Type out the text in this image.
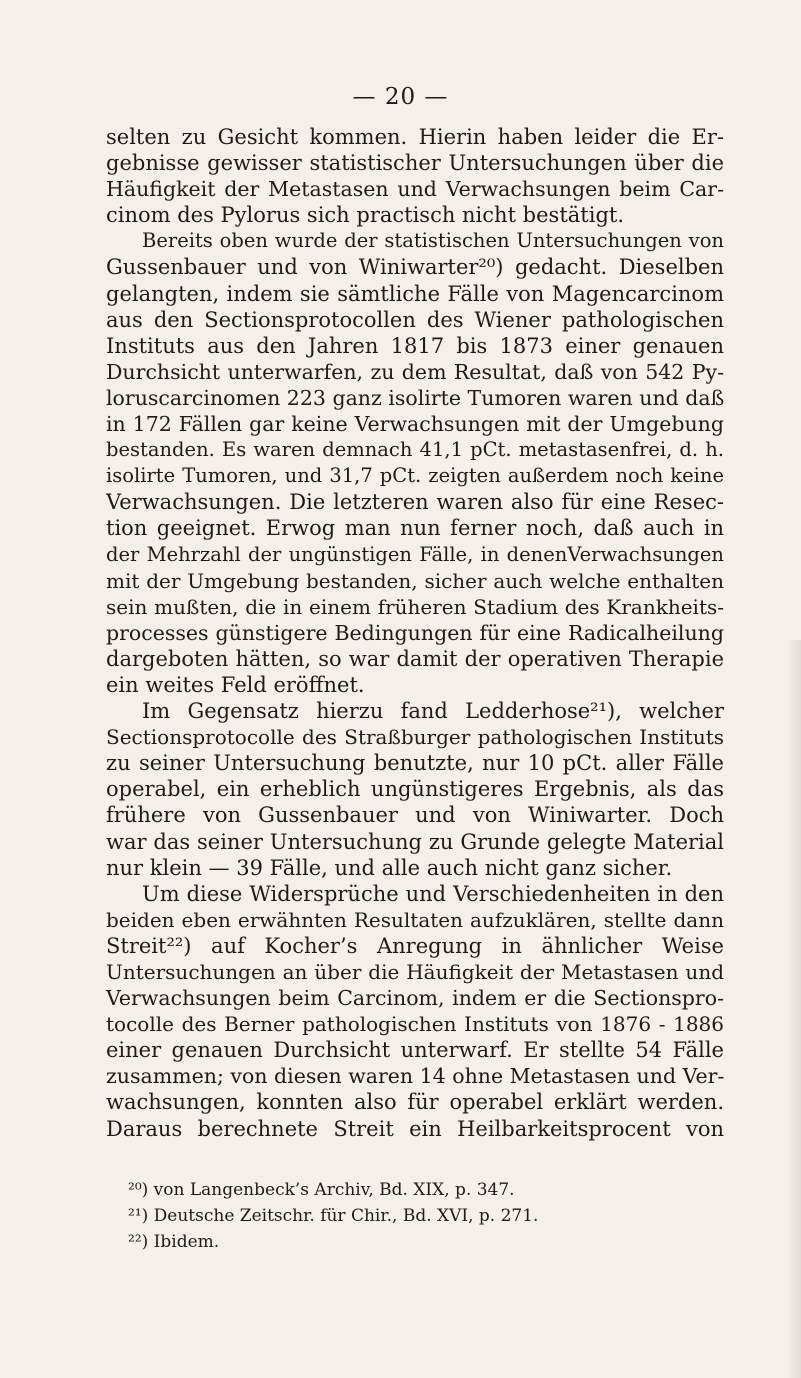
— 20 —
selten zu Gesicht kommen. Hierin haben leider die Er-
gebnisse gewisser statistischer Untersuchungen über die
Häufigkeit der Metastasen und Verwachsungen beim Car-
cinom des Pylorus sich practisch nicht bestätigt.
Bereits oben wurde der statistischen Untersuchungen von
Gussenbauer und von Winiwarter²⁰) gedacht. Dieselben
gelangten, indem sie sämtliche Fälle von Magencarcinom
aus den Sectionsprotocollen des Wiener pathologischen
Instituts aus den Jahren 1817 bis 1873 einer genauen
Durchsicht unterwarfen, zu dem Resultat, daß von 542 Py-
loruscarcinomen 223 ganz isolirte Tumoren waren und daß
in 172 Fällen gar keine Verwachsungen mit der Umgebung
bestanden. Es waren demnach 41,1 pCt. metastasenfrei, d. h.
isolirte Tumoren, und 31,7 pCt. zeigten außerdem noch keine
Verwachsungen. Die letzteren waren also für eine Resec-
tion geeignet. Erwog man nun ferner noch, daß auch in
der Mehrzahl der ungünstigen Fälle, in denenVerwachsungen
mit der Umgebung bestanden, sicher auch welche enthalten
sein mußten, die in einem früheren Stadium des Krankheits-
processes günstigere Bedingungen für eine Radicalheilung
dargeboten hätten, so war damit der operativen Therapie
ein weites Feld eröffnet.
Im Gegensatz hierzu fand Ledderhose²¹), welcher
Sectionsprotocolle des Straßburger pathologischen Instituts
zu seiner Untersuchung benutzte, nur 10 pCt. aller Fälle
operabel, ein erheblich ungünstigeres Ergebnis, als das
frühere von Gussenbauer und von Winiwarter. Doch
war das seiner Untersuchung zu Grunde gelegte Material
nur klein — 39 Fälle, und alle auch nicht ganz sicher.
Um diese Widersprüche und Verschiedenheiten in den
beiden eben erwähnten Resultaten aufzuklären, stellte dann
Streit²²) auf Kocher’s Anregung in ähnlicher Weise
Untersuchungen an über die Häufigkeit der Metastasen und
Verwachsungen beim Carcinom, indem er die Sectionspro-
tocolle des Berner pathologischen Instituts von 1876 - 1886
einer genauen Durchsicht unterwarf. Er stellte 54 Fälle
zusammen; von diesen waren 14 ohne Metastasen und Ver-
wachsungen, konnten also für operabel erklärt werden.
Daraus berechnete Streit ein Heilbarkeitsprocent von
²⁰) von Langenbeck’s Archiv, Bd. XIX, p. 347.
²¹) Deutsche Zeitschr. für Chir., Bd. XVI, p. 271.
²²) Ibidem.
